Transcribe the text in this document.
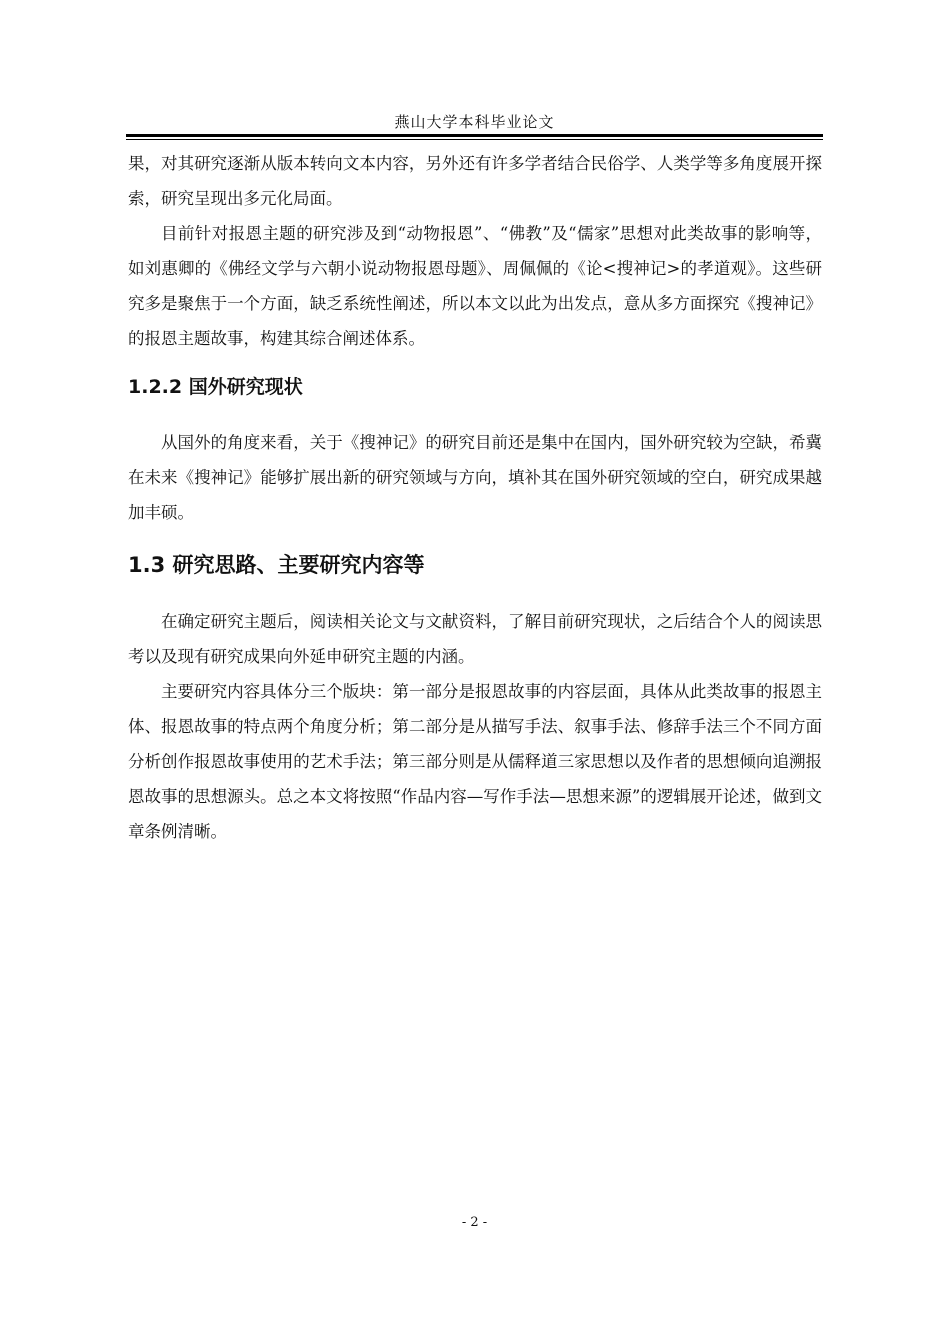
燕山大学本科毕业论文

果，对其研究逐渐从版本转向文本内容，另外还有许多学者结合民俗学、人类学等多角度展开探索，研究呈现出多元化局面。

目前针对报恩主题的研究涉及到“动物报恩”、“佛教”及“儒家”思想对此类故事的影响等，如刘惠卿的《佛经文学与六朝小说动物报恩母题》、周佩佩的《论<搜神记>的孝道观》。这些研究多是聚焦于一个方面，缺乏系统性阐述，所以本文以此为出发点，意从多方面探究《搜神记》的报恩主题故事，构建其综合阐述体系。

1.2.2 国外研究现状

从国外的角度来看，关于《搜神记》的研究目前还是集中在国内，国外研究较为空缺，希冀在未来《搜神记》能够扩展出新的研究领域与方向，填补其在国外研究领域的空白，研究成果越加丰硕。

1.3 研究思路、主要研究内容等

在确定研究主题后，阅读相关论文与文献资料，了解目前研究现状，之后结合个人的阅读思考以及现有研究成果向外延申研究主题的内涵。

主要研究内容具体分三个版块：第一部分是报恩故事的内容层面，具体从此类故事的报恩主体、报恩故事的特点两个角度分析；第二部分是从描写手法、叙事手法、修辞手法三个不同方面分析创作报恩故事使用的艺术手法；第三部分则是从儒释道三家思想以及作者的思想倾向追溯报恩故事的思想源头。总之本文将按照“作品内容—写作手法—思想来源”的逻辑展开论述，做到文章条例清晰。

- 2 -
